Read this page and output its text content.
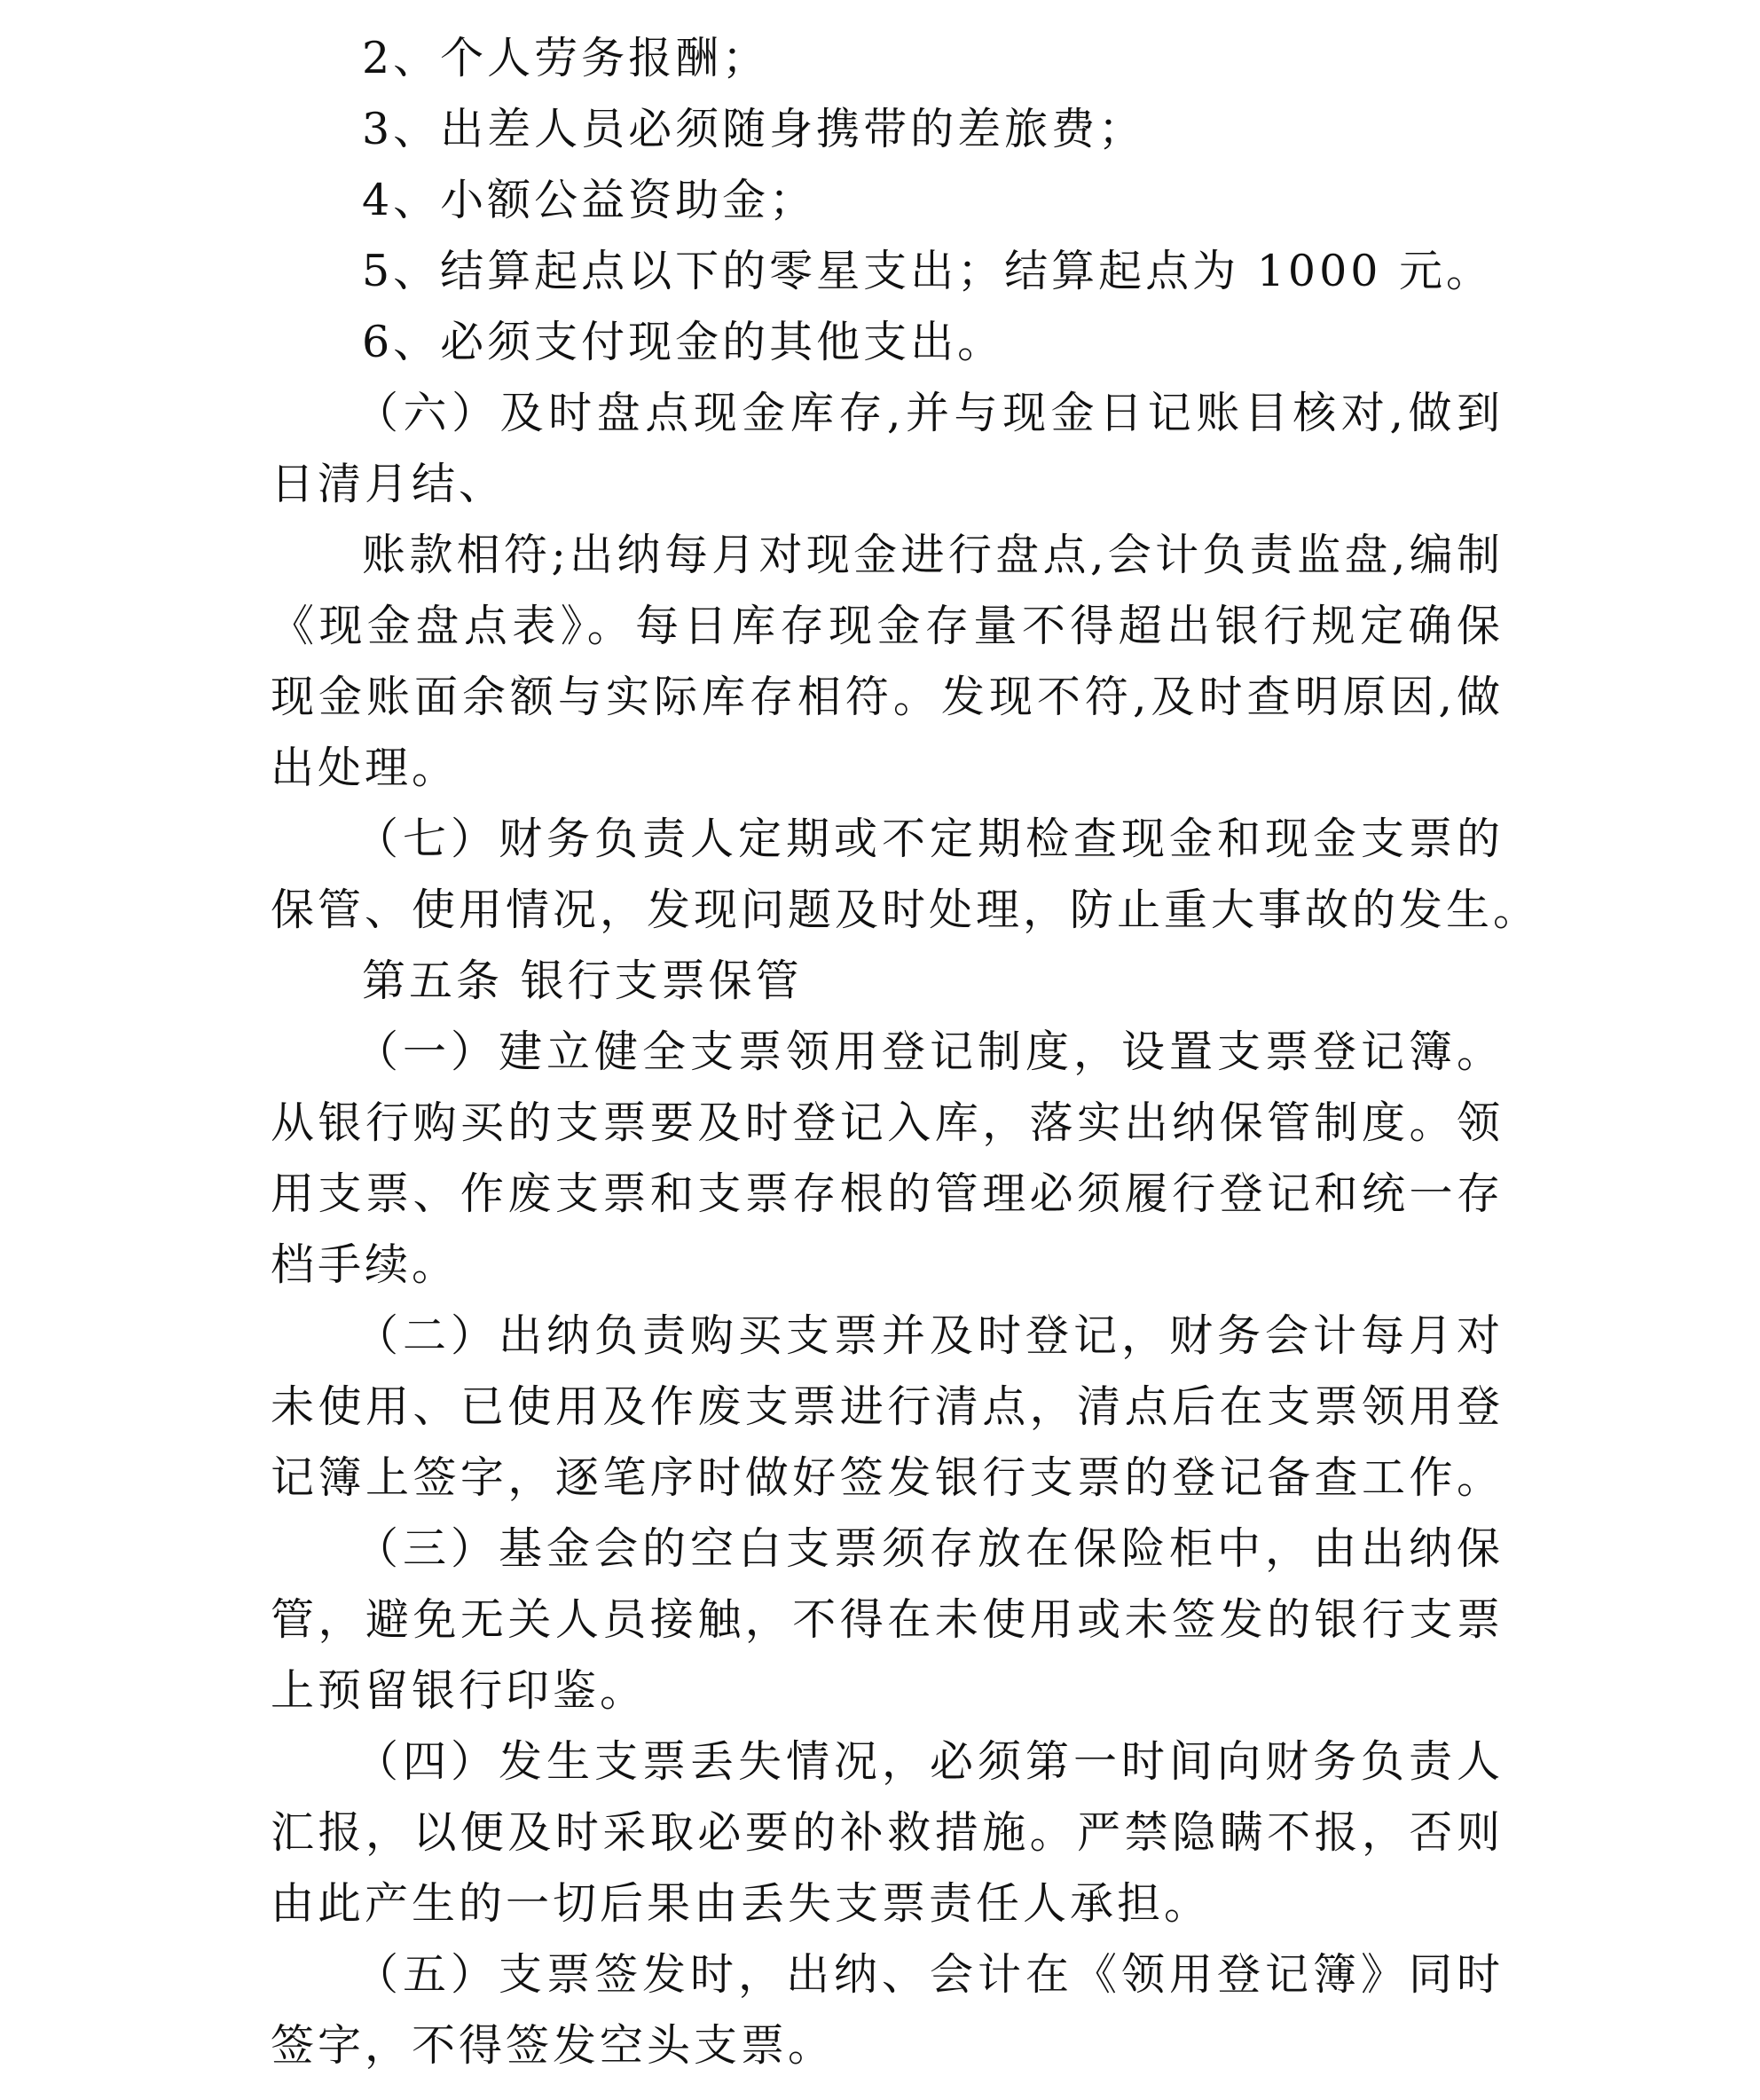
2、个人劳务报酬；
3、出差人员必须随身携带的差旅费；
4、小额公益资助金；
5、结算起点以下的零星支出；结算起点为 1000 元。
6、必须支付现金的其他支出。
（六）及时盘点现金库存,并与现金日记账目核对,做到
日清月结、
账款相符;出纳每月对现金进行盘点,会计负责监盘,编制
《现金盘点表》。每日库存现金存量不得超出银行规定确保
现金账面余额与实际库存相符。发现不符,及时查明原因,做
出处理。
（七）财务负责人定期或不定期检查现金和现金支票的
保管、使用情况，发现问题及时处理，防止重大事故的发生。
第五条 银行支票保管
（一）建立健全支票领用登记制度，设置支票登记簿。
从银行购买的支票要及时登记入库，落实出纳保管制度。领
用支票、作废支票和支票存根的管理必须履行登记和统一存
档手续。
（二）出纳负责购买支票并及时登记，财务会计每月对
未使用、已使用及作废支票进行清点，清点后在支票领用登
记簿上签字，逐笔序时做好签发银行支票的登记备查工作。
（三）基金会的空白支票须存放在保险柜中，由出纳保
管，避免无关人员接触，不得在未使用或未签发的银行支票
上预留银行印鉴。
（四）发生支票丢失情况，必须第一时间向财务负责人
汇报，以便及时采取必要的补救措施。严禁隐瞒不报，否则
由此产生的一切后果由丢失支票责任人承担。
（五）支票签发时，出纳、会计在《领用登记簿》同时
签字，不得签发空头支票。
